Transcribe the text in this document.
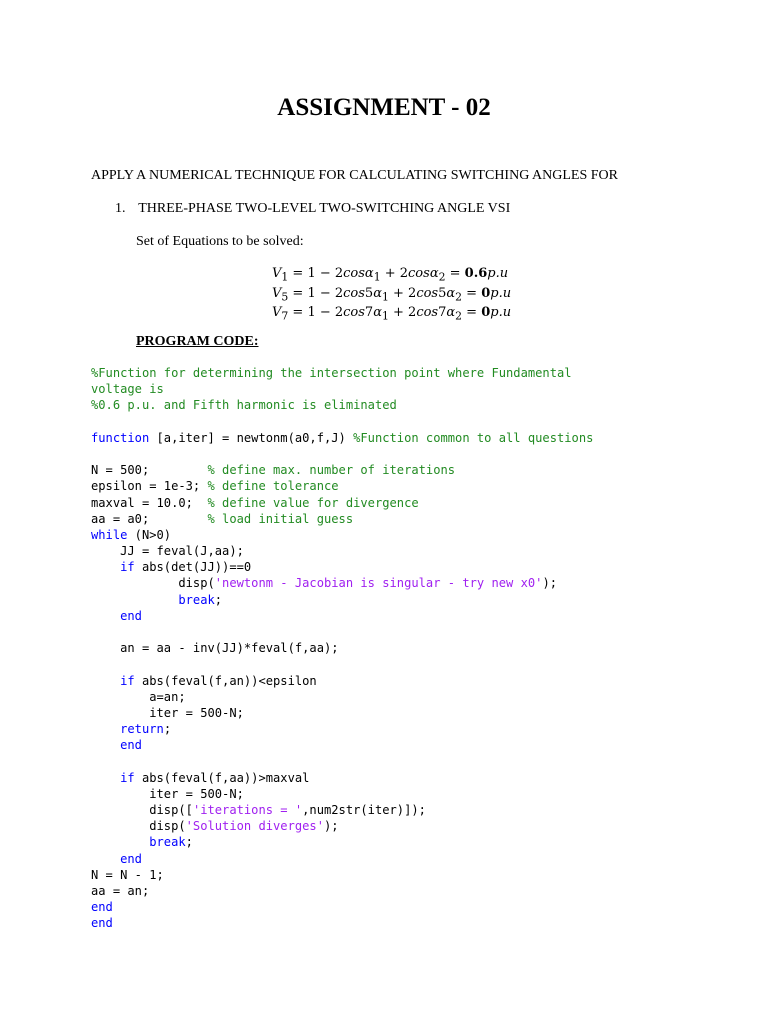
ASSIGNMENT - 02

APPLY A NUMERICAL TECHNIQUE FOR CALCULATING SWITCHING ANGLES FOR

1. THREE-PHASE TWO-LEVEL TWO-SWITCHING ANGLE VSI

Set of Equations to be solved:

$V_1 = 1 - 2\cos\alpha_1 + 2\cos\alpha_2 = 0.6p.u$
$V_5 = 1 - 2\cos 5\alpha_1 + 2\cos 5\alpha_2 = 0p.u$
$V_7 = 1 - 2\cos 7\alpha_1 + 2\cos 7\alpha_2 = 0p.u$

PROGRAM CODE:

%Function for determining the intersection point where Fundamental
voltage is
%0.6 p.u. and Fifth harmonic is eliminated
function [a,iter] = newtonm(a0,f,J) %Function common to all questions
N = 500;        % define max. number of iterations
epsilon = 1e-3; % define tolerance
maxval = 10.0;  % define value for divergence
aa = a0;        % load initial guess
while (N>0)
JJ = feval(J,aa);
if abs(det(JJ))==0
disp('newtonm - Jacobian is singular - try new x0');
break;
end
an = aa - inv(JJ)*feval(f,aa);
if abs(feval(f,an))<epsilon
a=an;
iter = 500-N;
return;
end
if abs(feval(f,aa))>maxval
iter = 500-N;
disp(['iterations = ',num2str(iter)]);
disp('Solution diverges');
break;
end
N = N - 1;
aa = an;
end
end
